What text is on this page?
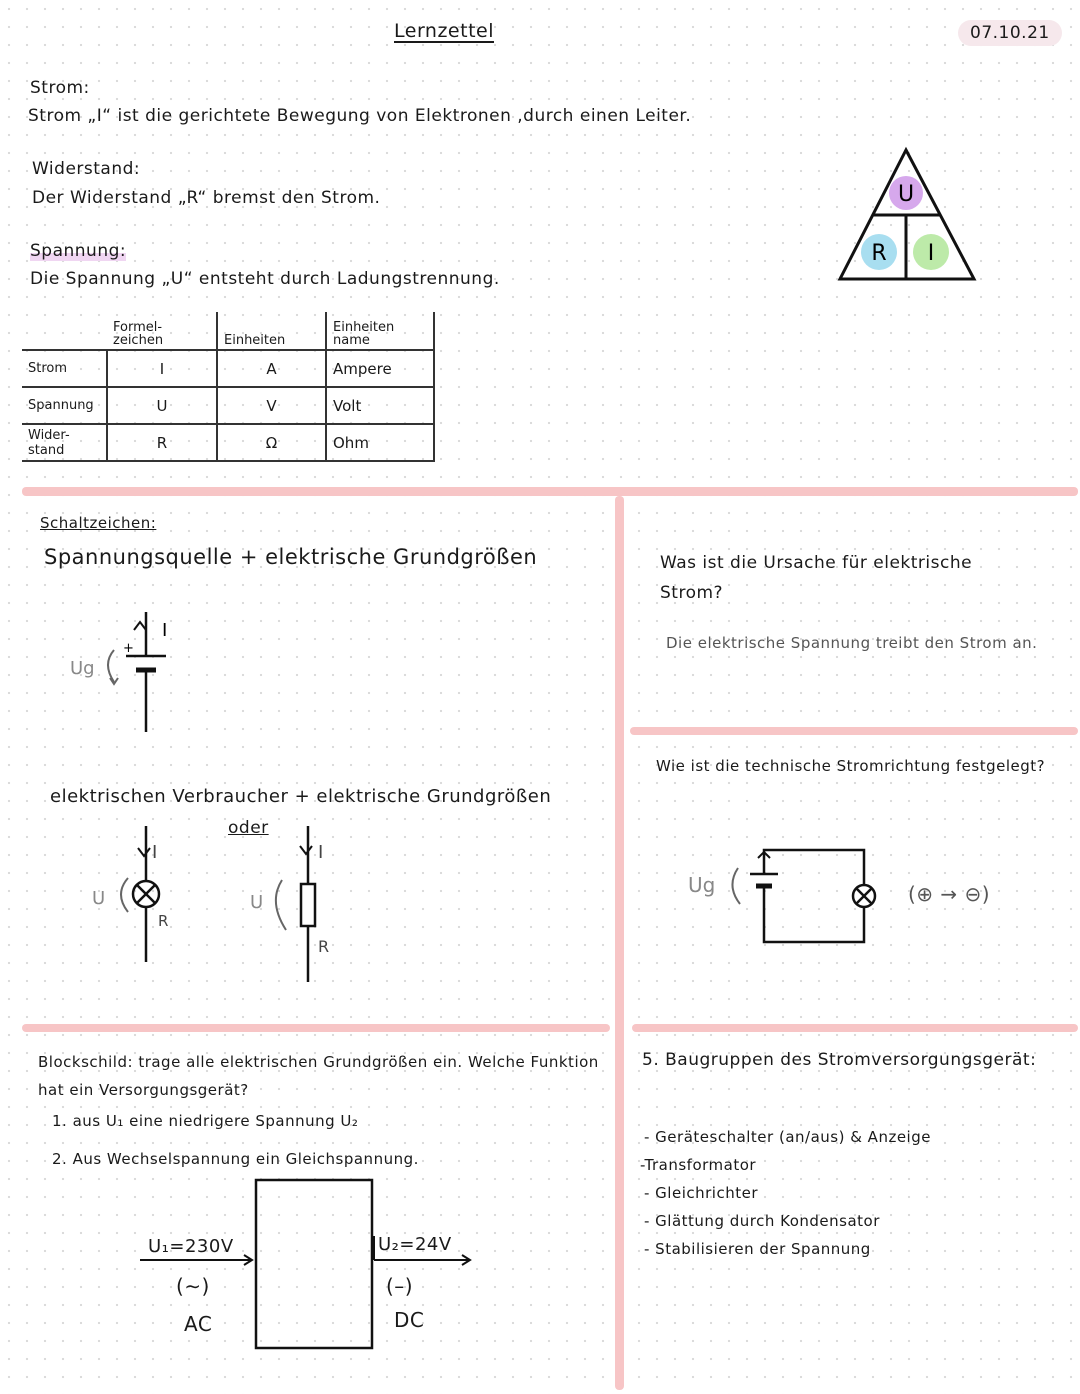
Lernzettel	07.10.21
Strom:
Strom „I“ ist die gerichtete Bewegung von Elektronen ,durch einen Leiter.
Widerstand:
Der Widerstand „R“ bremst den Strom.
Spannung:
Die Spannung „U“ entsteht durch Ladungstrennung.
U
R I
	Formel-zeichen	Einheiten	Einheiten name
Strom	I	A	Ampere
Spannung	U	V	Volt
Wider-stand	R	Ω	Ohm
Schaltzeichen:
Spannungsquelle + elektrische Grundgrößen
+
I
Ug
elektrischen Verbraucher + elektrische Grundgrößen
oder
I
R
U
I
R
U
Was ist die Ursache für elektrische Strom?
Die elektrische Spannung treibt den Strom an.
Wie ist die technische Stromrichtung festgelegt?
Ug	(⊕ → ⊖)
Blockschild: trage alle elektrischen Grundgrößen ein. Welche Funktion hat ein Versorgungsgerät?
1. aus U₁ eine niedrigere Spannung U₂
2. Aus Wechselspannung ein Gleichspannung.
U₁=230V
(∼)
AC
U₂=24V
(–)
DC
5. Baugruppen des Stromversorgungsgerät:
- Geräteschalter (an/aus) & Anzeige
-Transformator
- Gleichrichter
- Glättung durch Kondensator
- Stabilisieren der Spannung
